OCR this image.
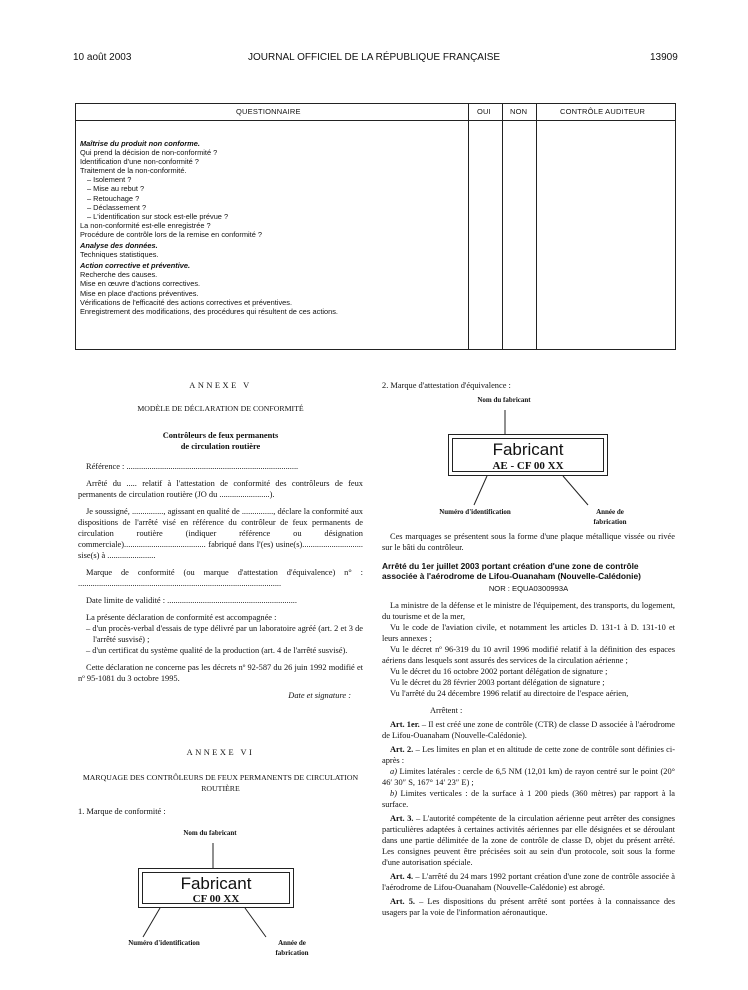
10 août 2003	JOURNAL OFFICIEL DE LA RÉPUBLIQUE FRANÇAISE	13909
QUESTIONNAIRE	OUI	NON	CONTRÔLE AUDITEUR
Maîtrise du produit non conforme.
Qui prend la décision de non-conformité ?
Identification d'une non-conformité ?
Traitement de la non-conformité.
– Isolement ?
– Mise au rebut ?
– Retouchage ?
– Déclassement ?
– L'identification sur stock est-elle prévue ?
La non-conformité est-elle enregistrée ?
Procédure de contrôle lors de la remise en conformité ?
Analyse des données.
Techniques statistiques.
Action corrective et préventive.
Recherche des causes.
Mise en œuvre d'actions correctives.
Mise en place d'actions préventives.
Vérifications de l'efficacité des actions correctives et préventives.
Enregistrement des modifications, des procédures qui résultent de ces actions.
ANNEXE V
MODÈLE DE DÉCLARATION DE CONFORMITÉ
Contrôleurs de feux permanents
de circulation routière
Référence : ..................................................................................
Arrêté du ..... relatif à l'attestation de conformité des contrôleurs de feux permanents de circulation routière (JO du ........................).
Je soussigné, ..............., agissant en qualité de ..............., déclare la conformité aux dispositions de l'arrêté visé en référence du contrôleur de feux permanents de circulation routière (indiquer référence ou désignation commerciale)....................................... fabriqué dans l'(es) usine(s)............................. sise(s) à .......................
Marque de conformité (ou marque d'attestation d'équivalence) n° : .................................................................................................
Date limite de validité : ..............................................................
La présente déclaration de conformité est accompagnée :
– d'un procès-verbal d'essais de type délivré par un laboratoire agréé (art. 2 et 3 de l'arrêté susvisé) ;
– d'un certificat du système qualité de la production (art. 4 de l'arrêté susvisé).
Cette déclaration ne concerne pas les décrets nº 92-587 du 26 juin 1992 modifié et nº 95-1081 du 3 octobre 1995.
Date et signature :
ANNEXE VI
MARQUAGE DES CONTRÔLEURS DE FEUX PERMANENTS DE CIRCULATION ROUTIÈRE
1. Marque de conformité :
Nom du fabricant
Fabricant
CF 00 XX
Numéro d'identification	Année de
fabrication
2. Marque d'attestation d'équivalence :
Nom du fabricant
Fabricant
AE - CF 00 XX
Numéro d'identification	Année de
fabrication
Ces marquages se présentent sous la forme d'une plaque métallique vissée ou rivée sur le bâti du contrôleur.
Arrêté du 1er juillet 2003 portant création d'une zone de contrôle associée à l'aérodrome de Lifou-Ouanaham (Nouvelle-Calédonie)
NOR : EQUA0300993A
La ministre de la défense et le ministre de l'équipement, des transports, du logement, du tourisme et de la mer,
Vu le code de l'aviation civile, et notamment les articles D. 131-1 à D. 131-10 et leurs annexes ;
Vu le décret nº 96-319 du 10 avril 1996 modifié relatif à la définition des espaces aériens dans lesquels sont assurés des services de la circulation aérienne ;
Vu le décret du 16 octobre 2002 portant délégation de signature ;
Vu le décret du 28 février 2003 portant délégation de signature ;
Vu l'arrêté du 24 décembre 1996 relatif au directoire de l'espace aérien,
Arrêtent :
Art. 1er. – Il est créé une zone de contrôle (CTR) de classe D associée à l'aérodrome de Lifou-Ouanaham (Nouvelle-Calédonie).
Art. 2. – Les limites en plan et en altitude de cette zone de contrôle sont définies ci-après :
a) Limites latérales : cercle de 6,5 NM (12,01 km) de rayon centré sur le point (20° 46′ 30″ S, 167° 14′ 23″ E) ;
b) Limites verticales : de la surface à 1 200 pieds (360 mètres) par rapport à la surface.
Art. 3. – L'autorité compétente de la circulation aérienne peut arrêter des consignes particulières adaptées à certaines activités aériennes par elle désignées et se déroulant dans une partie délimitée de la zone de contrôle de classe D, objet du présent arrêté. Les consignes peuvent être précisées soit au sein d'un protocole, soit sous la forme d'une autorisation spéciale.
Art. 4. – L'arrêté du 24 mars 1992 portant création d'une zone de contrôle associée à l'aérodrome de Lifou-Ouanaham (Nouvelle-Calédonie) est abrogé.
Art. 5. – Les dispositions du présent arrêté sont portées à la connaissance des usagers par la voie de l'information aéronautique.
